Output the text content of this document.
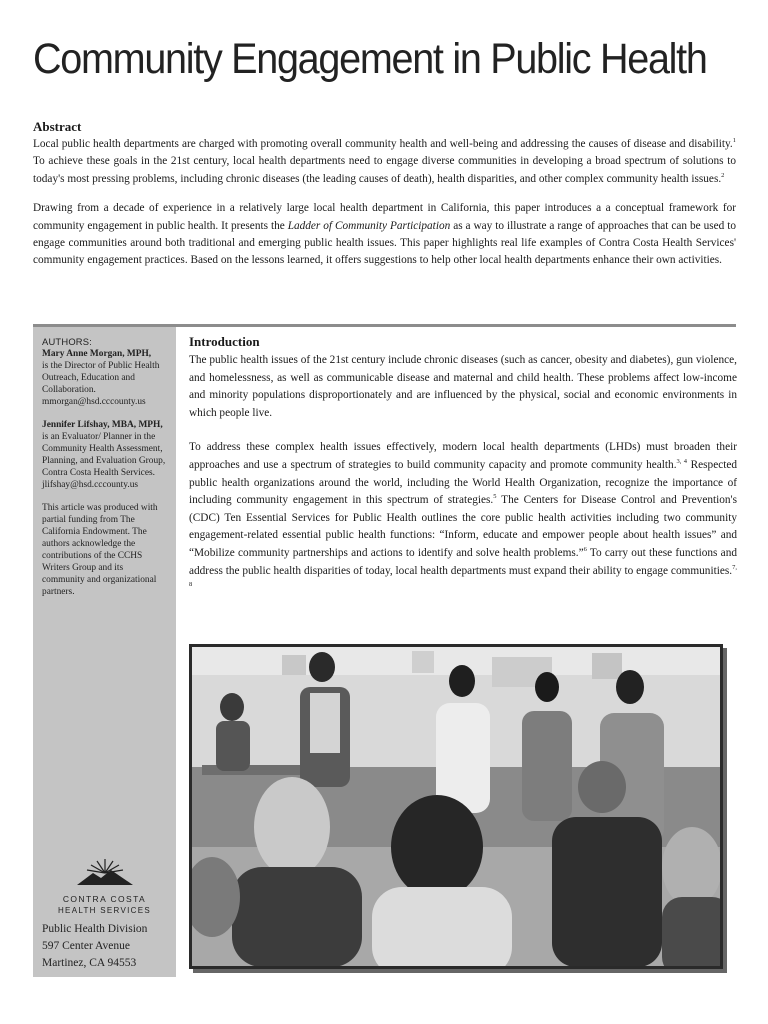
Community Engagement in Public Health
Abstract

Local public health departments are charged with promoting overall community health and well-being and addressing the causes of disease and disability.$^1$ To achieve these goals in the 21st century, local health departments need to engage diverse communities in developing a broad spectrum of solutions to today's most pressing problems, including chronic diseases (the leading causes of death), health disparities, and other complex community health issues.$^2$

Drawing from a decade of experience in a relatively large local health department in California, this paper introduces a a conceptual framework for community engagement in public health. It presents the Ladder of Community Participation as a way to illustrate a range of approaches that can be used to engage communities around both traditional and emerging public health issues. This paper highlights real life examples of Contra Costa Health Services' community engagement practices. Based on the lessons learned, it offers suggestions to help other local health departments enhance their own activities.

AUTHORS:
Mary Anne Morgan, MPH,
is the Director of Public Health Outreach, Education and Collaboration.
mmorgan@hsd.cccounty.us
Jennifer Lifshay, MBA, MPH, is an Evaluator/ Planner in the Community Health Assessment, Planning, and Evaluation Group, Contra Costa Health Services.
jlifshay@hsd.cccounty.us
This article was produced with partial funding from The California Endowment. The authors acknowledge the contributions of the CCHS Writers Group and its community and organizational partners.
CONTRA COSTA
HEALTH SERVICES
Public Health Division
597 Center Avenue
Martinez, CA 94553
Introduction

The public health issues of the 21st century include chronic diseases (such as cancer, obesity and diabetes), gun violence, and homelessness, as well as communicable disease and maternal and child health. These problems affect low-income and minority populations disproportionately and are influenced by the physical, social and economic environments in which people live.

To address these complex health issues effectively, modern local health departments (LHDs) must broaden their approaches and use a spectrum of strategies to build community capacity and promote community health.$^{3, 4}$ Respected public health organizations around the world, including the World Health Organization, recognize the importance of including community engagement in this spectrum of strategies.$^5$ The Centers for Disease Control and Prevention's (CDC) Ten Essential Services for Public Health outlines the core public health activities including two community engagement-related essential public health functions: “Inform, educate and empower people about health issues” and “Mobilize community partnerships and actions to identify and solve health problems.”$^6$ To carry out these functions and address the public health disparities of today, local health departments must expand their ability to engage communities.$^{7, 8}$
